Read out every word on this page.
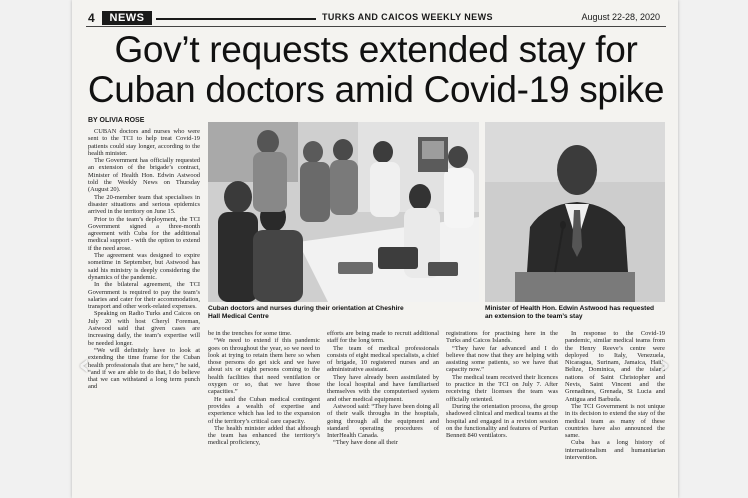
4	NEWS	TURKS AND CAICOS WEEKLY NEWS	August 22-28, 2020
Gov’t requests extended stay for
Cuban doctors amid Covid-19 spike
BY OLIVIA ROSE

CUBAN doctors and nurses who were sent to the TCI to help treat Covid-19 patients could stay longer, according to the health minister.

The Government has officially requested an extension of the brigade’s contract, Minister of Health Hon. Edwin Astwood told the Weekly News on Thursday (August 20).

The 20-member team that specialises in disaster situations and serious epidemics arrived in the territory on June 15.

Prior to the team’s deployment, the TCI Government signed a three-month agreement with Cuba for the additional medical support - with the option to extend if the need arose.

The agreement was designed to expire sometime in September, but Astwood has said his ministry is deeply considering the dynamics of the pandemic.

In the bilateral agreement, the TCI Government is required to pay the team’s salaries and cater for their accommodation, transport and other work-related expenses.

Speaking on Radio Turks and Caicos on July 20 with host Cheryl Foreman, Astwood said that given cases are increasing daily, the team’s expertise will be needed longer.

“We will definitely have to look at extending the time frame for the Cuban health professionals that are here,” he said, “and if we are able to do that, I do believe that we can withstand a long term punch and

Cuban doctors and nurses during their orientation at Cheshire Hall Medical Centre
Minister of Health Hon. Edwin Astwood has requested an extension to the team’s stay

be in the trenches for some time.

“We need to extend if this pandemic goes on throughout the year, so we need to look at trying to retain them here so when those persons do get sick and we have about six or eight persons coming to the health facilities that need ventilation or oxygen or so, that we have those capacities.”

He said the Cuban medical contingent provides a wealth of expertise and experience which has led to the expansion of the territory’s critical care capacity.

The health minister added that although the team has enhanced the territory’s medical proficiency,

efforts are being made to recruit additional staff for the long term.

The team of medical professionals consists of eight medical specialists, a chief of brigade, 10 registered nurses and an administrative assistant.

They have already been assimilated by the local hospital and have familiarised themselves with the computerised system and other medical equipment.

Astwood said: “They have been doing all of their walk throughs in the hospitals, going through all the equipment and standard operating procedures of InterHealth Canada.

“They have done all their

registrations for practising here in the Turks and Caicos Islands.

“They have far advanced and I do believe that now that they are helping with assisting some patients, so we have that capacity now.”

The medical team received their licences to practice in the TCI on July 7. After receiving their licenses the team was officially oriented.

During the orientation process, the group shadowed clinical and medical teams at the hospital and engaged in a revision session on the functionality and features of Puritan Bennett 840 ventilators.

In response to the Covid-19 pandemic, similar medical teams from the Henry Reeve’s centre were deployed to Italy, Venezuela, Nicaragua, Surinam, Jamaica, Haiti, Belize, Dominica, and the island nations of Saint Christopher and Nevis, Saint Vincent and the Grenadines, Grenada, St Lucia and Antigua and Barbuda.

The TCI Government is not unique in its decision to extend the stay of the medical team as many of these countries have also announced the same.

Cuba has a long history of internationalism and humanitarian intervention.

‹	›
